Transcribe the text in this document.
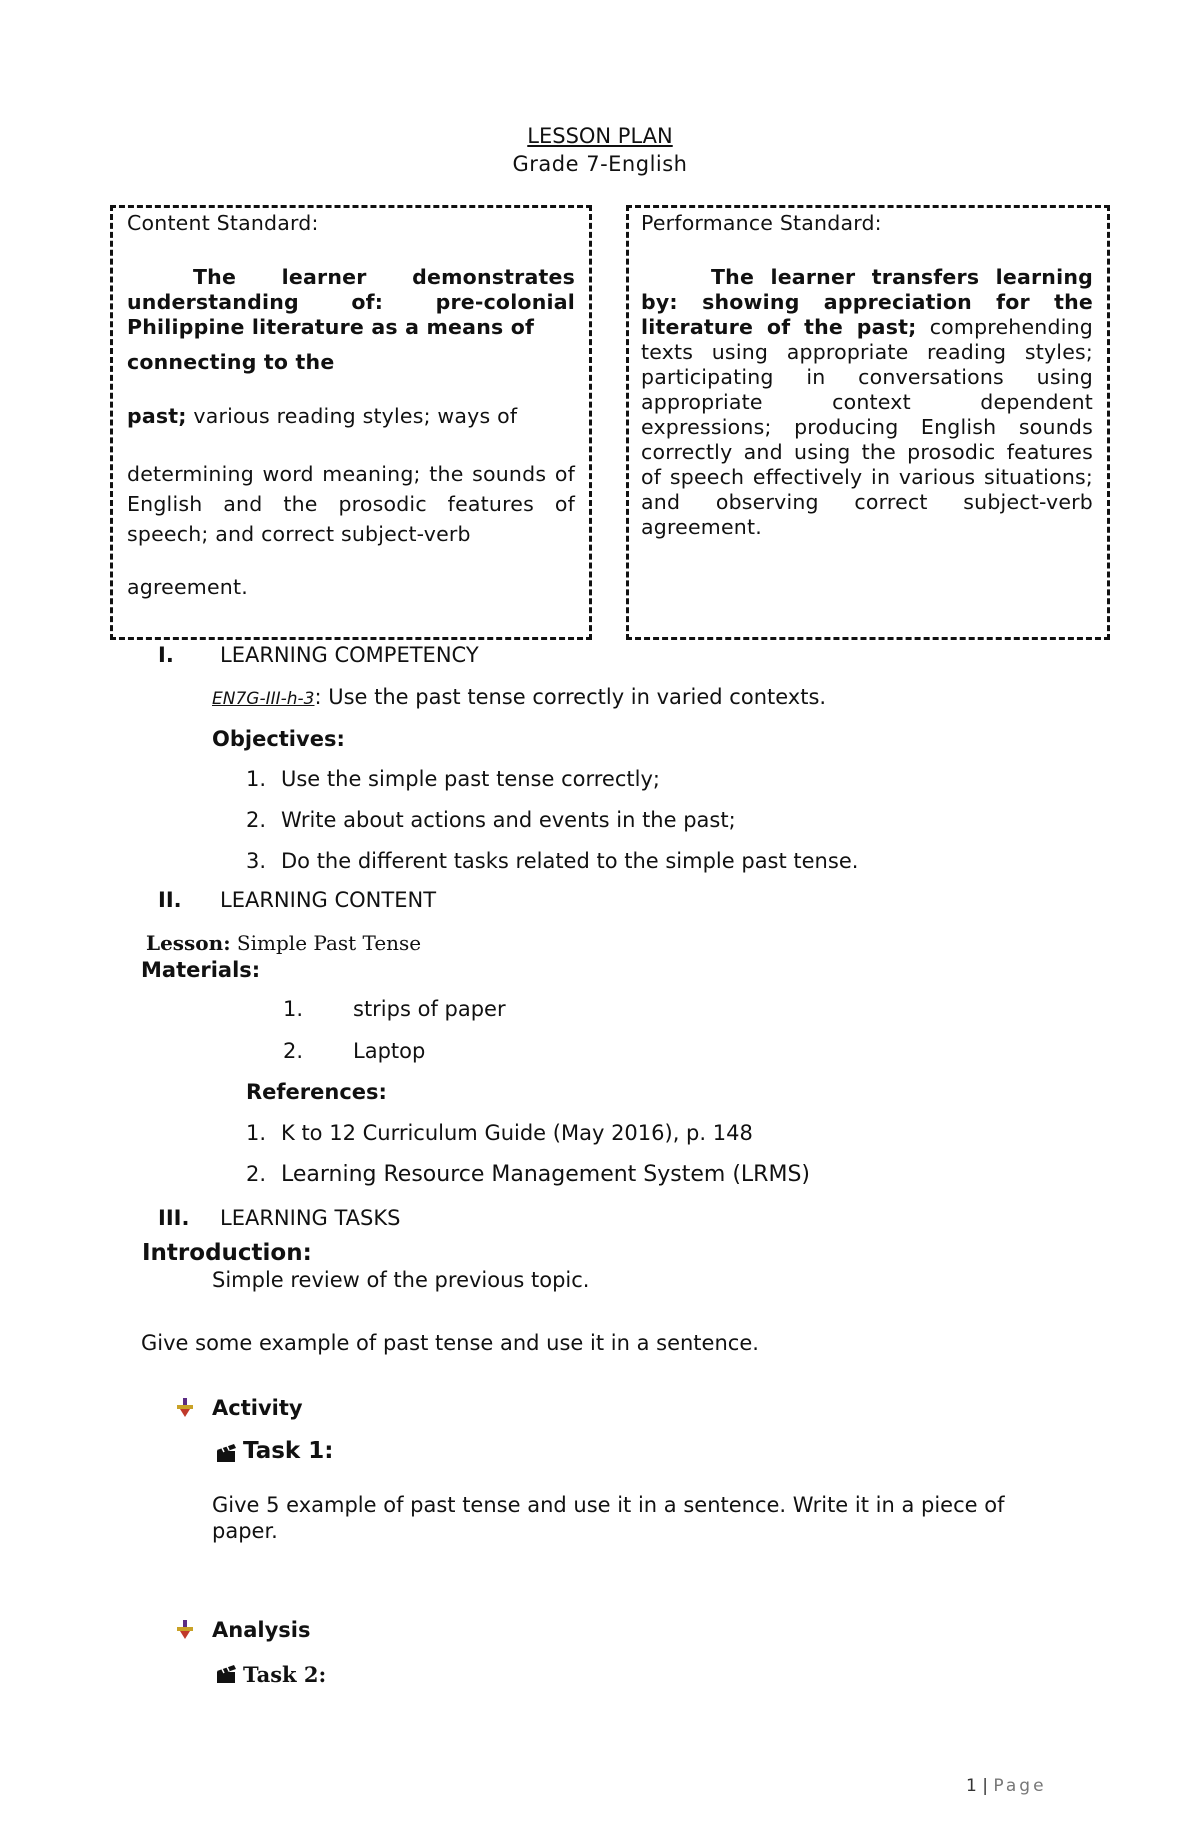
LESSON PLAN
Grade 7-English
Content Standard:
The learner demonstrates
understanding of: pre-colonial
Philippine literature as a means of
connecting to the
past; various reading styles; ways of
determining word meaning; the sounds of English and the prosodic features of speech; and correct subject-verb
agreement.
Performance Standard:
The learner transfers learning
by: showing appreciation for the
literature of the past; comprehending
texts using appropriate reading styles; participating in conversations using appropriate context dependent expressions; producing English sounds correctly and using the prosodic features of speech effectively in various situations; and observing correct subject-verb agreement.
I. LEARNING COMPETENCY
EN7G-III-h-3: Use the past tense correctly in varied contexts.
Objectives:
1. Use the simple past tense correctly;
2. Write about actions and events in the past;
3. Do the different tasks related to the simple past tense.
II. LEARNING CONTENT
Lesson: Simple Past Tense
Materials:
1. strips of paper
2. Laptop
References:
1. K to 12 Curriculum Guide (May 2016), p. 148
2. Learning Resource Management System (LRMS)
III. LEARNING TASKS
Introduction:
Simple review of the previous topic.
Give some example of past tense and use it in a sentence.
Activity
Task 1:
Give 5 example of past tense and use it in a sentence. Write it in a piece of paper.
Analysis
Task 2:
1 | Page
